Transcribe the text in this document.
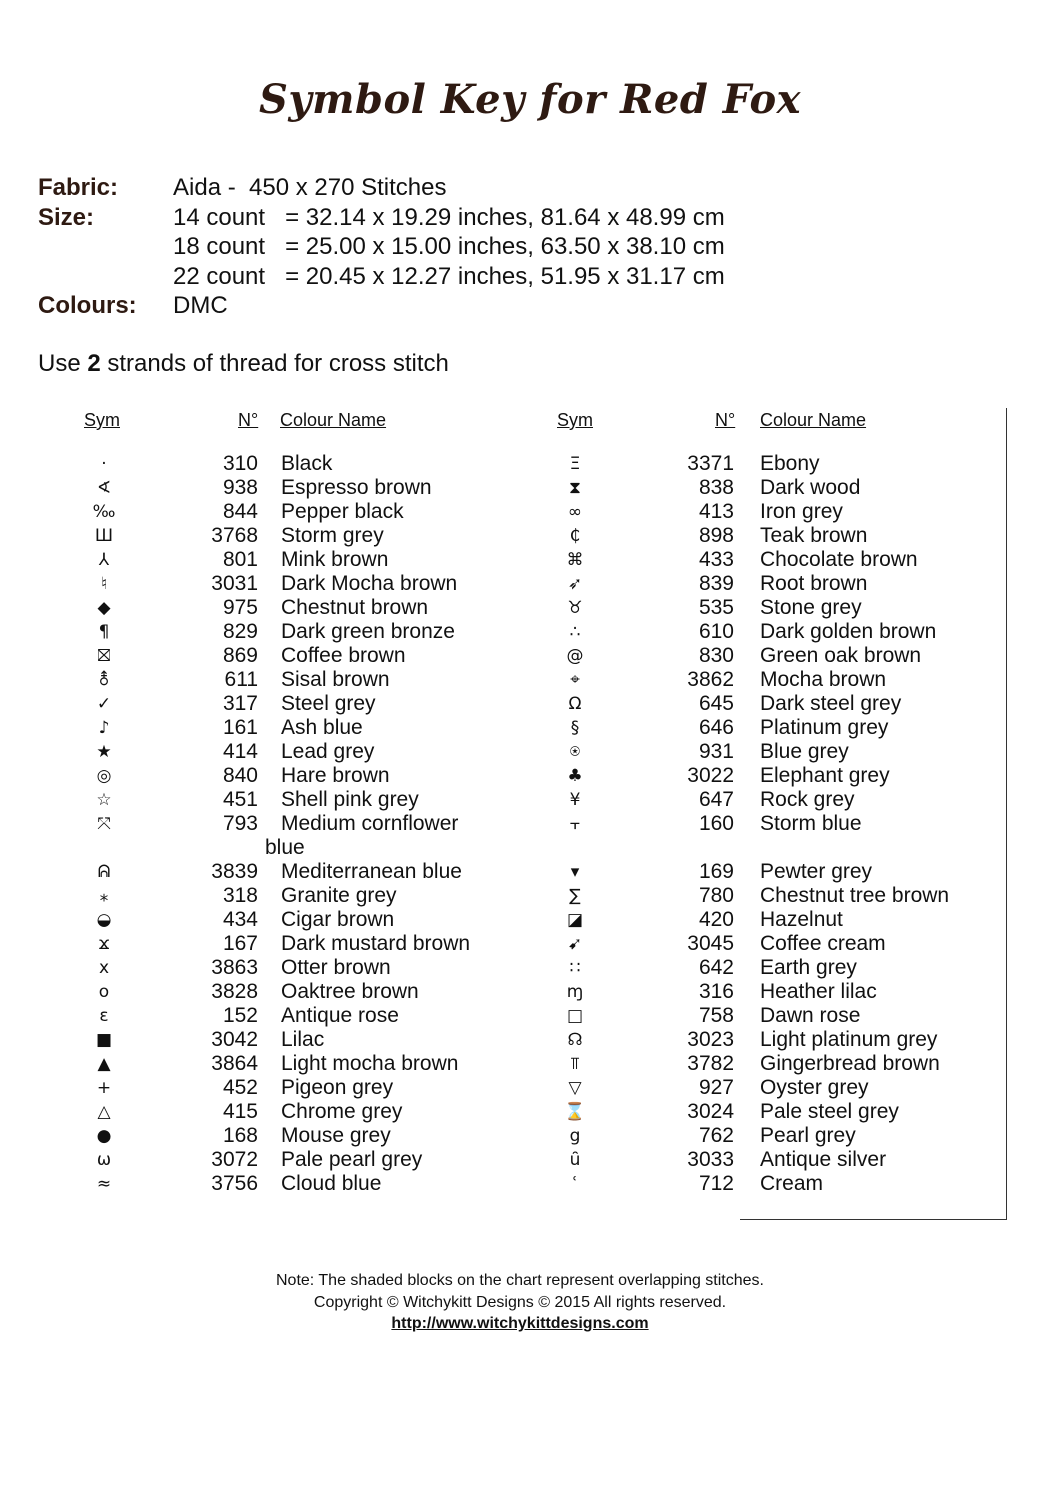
Symbol Key for Red Fox
Fabric: Aida -  450 x 270 Stitches
Size:	14 count   = 32.14 x 19.29 inches, 81.64 x 48.99 cm
18 count   = 25.00 x 15.00 inches, 63.50 x 38.10 cm
22 count   = 20.45 x 12.27 inches, 51.95 x 31.17 cm
Colours: DMC
Use 2 strands of thread for cross stitch
Sym	N° Colour Name	Sym	N° Colour Name
·	310 Black
∢	938 Espresso brown
‰	844 Pepper black
Ш	3768 Storm grey
⅄	801 Mink brown
♮	3031 Dark Mocha brown
◆	975 Chestnut brown
¶	829 Dark green bronze
⛝	869 Coffee brown
⚨	611 Sisal brown
✓	317 Steel grey
♪	161 Ash blue
★	414 Lead grey
◎	840 Hare brown
☆	451 Shell pink grey
⤧	793 Medium cornflower
blue
ᕱ	3839 Mediterranean blue
⁎	318 Granite grey
◒	434 Cigar brown
ϫ	167 Dark mustard brown
x	3863 Otter brown
o	3828 Oaktree brown
ɛ	152 Antique rose
■	3042 Lilac
▲	3864 Light mocha brown
+	452 Pigeon grey
△	415 Chrome grey
●	168 Mouse grey
ω	3072 Pale pearl grey
≈	3756 Cloud blue
Ξ	3371 Ebony
⧗	838 Dark wood
∞	413 Iron grey
₵	898 Teak brown
⌘	433 Chocolate brown
➶	839 Root brown
♉	535 Stone grey
∴	610 Dark golden brown
@	830 Green oak brown
⌖	3862 Mocha brown
Ω	645 Dark steel grey
§	646 Platinum grey
⍟	931 Blue grey
♣	3022 Elephant grey
¥	647 Rock grey
⫟	160 Storm blue
▾	169 Pewter grey
∑	780 Chestnut tree brown
◪	420 Hazelnut
➹	3045 Coffee cream
∷	642 Earth grey
ɱ	316 Heather lilac
□	758 Dawn rose
☊	3023 Light platinum grey
⫪	3782 Gingerbread brown
▽	927 Oyster grey
⌛	3024 Pale steel grey
g	762 Pearl grey
ȗ	3033 Antique silver
ʿ	712 Cream
Note: The shaded blocks on the chart represent overlapping stitches.
Copyright © Witchykitt Designs © 2015 All rights reserved.
http://www.witchykittdesigns.com
